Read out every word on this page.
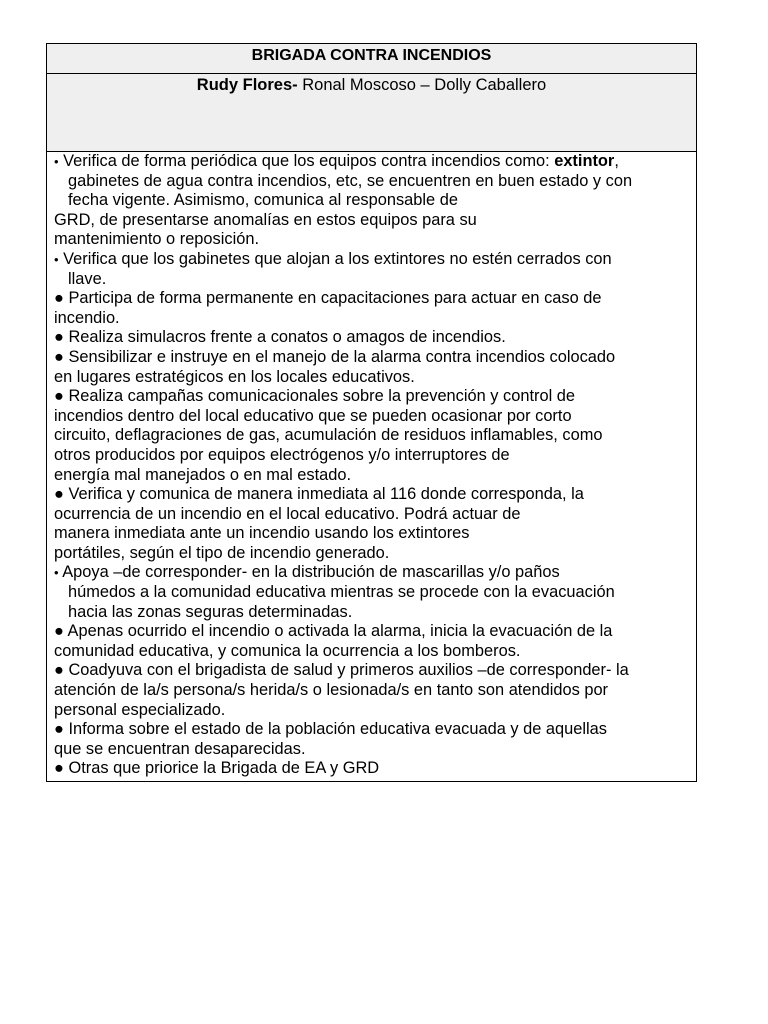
BRIGADA CONTRA INCENDIOS
Rudy Flores- Ronal Moscoso – Dolly Caballero
• Verifica de forma periódica que los equipos contra incendios como: extintor,
gabinetes de agua contra incendios, etc, se encuentren en buen estado y con
fecha vigente. Asimismo, comunica al responsable de
GRD, de presentarse anomalías en estos equipos para su
mantenimiento o reposición.
• Verifica que los gabinetes que alojan a los extintores no estén cerrados con
llave.
● Participa de forma permanente en capacitaciones para actuar en caso de
incendio.
● Realiza simulacros frente a conatos o amagos de incendios.
● Sensibilizar e instruye en el manejo de la alarma contra incendios colocado
en lugares estratégicos en los locales educativos.
● Realiza campañas comunicacionales sobre la prevención y control de
incendios dentro del local educativo que se pueden ocasionar por corto
circuito, deflagraciones de gas, acumulación de residuos inflamables, como
otros producidos por equipos electrógenos y/o interruptores de
energía mal manejados o en mal estado.
● Verifica y comunica de manera inmediata al 116 donde corresponda, la
ocurrencia de un incendio en el local educativo. Podrá actuar de
manera inmediata ante un incendio usando los extintores
portátiles, según el tipo de incendio generado.
• Apoya –de corresponder- en la distribución de mascarillas y/o paños
húmedos a la comunidad educativa mientras se procede con la evacuación
hacia las zonas seguras determinadas.
● Apenas ocurrido el incendio o activada la alarma, inicia la evacuación de la
comunidad educativa, y comunica la ocurrencia a los bomberos.
● Coadyuva con el brigadista de salud y primeros auxilios –de corresponder- la
atención de la/s persona/s herida/s o lesionada/s en tanto son atendidos por
personal especializado.
● Informa sobre el estado de la población educativa evacuada y de aquellas
que se encuentran desaparecidas.
● Otras que priorice la Brigada de EA y GRD
